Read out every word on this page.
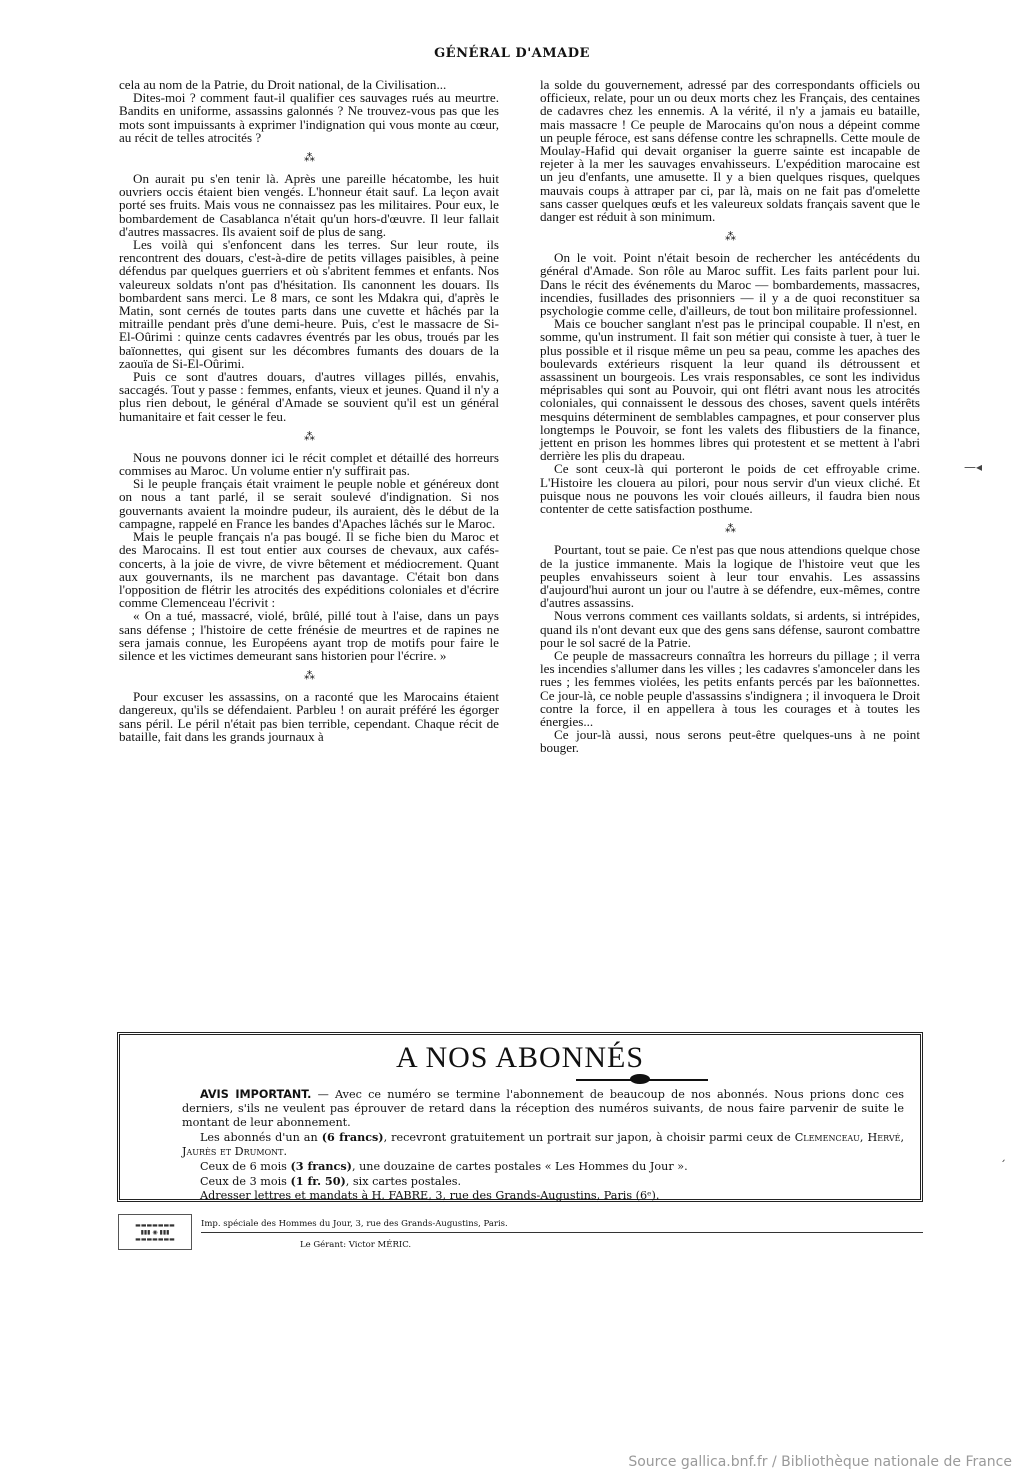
GÉNÉRAL D'AMADE

cela au nom de la Patrie, du Droit national, de la Civilisation...

Dites-moi ? comment faut-il qualifier ces sauvages rués au meurtre. Bandits en uniforme, assassins galonnés ? Ne trouvez-vous pas que les mots sont impuissants à exprimer l'indignation qui vous monte au cœur, au récit de telles atrocités ?

⁂

On aurait pu s'en tenir là. Après une pareille hécatombe, les huit ouvriers occis étaient bien vengés. L'honneur était sauf. La leçon avait porté ses fruits. Mais vous ne connaissez pas les militaires. Pour eux, le bombardement de Casablanca n'était qu'un hors-d'œuvre. Il leur fallait d'autres massacres. Ils avaient soif de plus de sang.

Les voilà qui s'enfoncent dans les terres. Sur leur route, ils rencontrent des douars, c'est-à-dire de petits villages paisibles, à peine défendus par quelques guerriers et où s'abritent femmes et enfants. Nos valeureux soldats n'ont pas d'hésitation. Ils canonnent les douars. Ils bombardent sans merci. Le 8 mars, ce sont les Mdakra qui, d'après le Matin, sont cernés de toutes parts dans une cuvette et hâchés par la mitraille pendant près d'une demi-heure. Puis, c'est le massacre de Si-El-Oûrimi : quinze cents cadavres éventrés par les obus, troués par les baïonnettes, qui gisent sur les décombres fumants des douars de la zaouïa de Si-El-Oûrimi.

Puis ce sont d'autres douars, d'autres villages pillés, envahis, saccagés. Tout y passe : femmes, enfants, vieux et jeunes. Quand il n'y a plus rien debout, le général d'Amade se souvient qu'il est un général humanitaire et fait cesser le feu.

⁂

Nous ne pouvons donner ici le récit complet et détaillé des horreurs commises au Maroc. Un volume entier n'y suffirait pas.

Si le peuple français était vraiment le peuple noble et généreux dont on nous a tant parlé, il se serait soulevé d'indignation. Si nos gouvernants avaient la moindre pudeur, ils auraient, dès le début de la campagne, rappelé en France les bandes d'Apaches lâchés sur le Maroc.

Mais le peuple français n'a pas bougé. Il se fiche bien du Maroc et des Marocains. Il est tout entier aux courses de chevaux, aux cafés-concerts, à la joie de vivre, de vivre bêtement et médiocrement. Quant aux gouvernants, ils ne marchent pas davantage. C'était bon dans l'opposition de flétrir les atrocités des expéditions coloniales et d'écrire comme Clemenceau l'écrivit :

« On a tué, massacré, violé, brûlé, pillé tout à l'aise, dans un pays sans défense ; l'histoire de cette frénésie de meurtres et de rapines ne sera jamais connue, les Européens ayant trop de motifs pour faire le silence et les victimes demeurant sans historien pour l'écrire. »

⁂

Pour excuser les assassins, on a raconté que les Marocains étaient dangereux, qu'ils se défendaient. Parbleu ! on aurait préféré les égorger sans péril. Le péril n'était pas bien terrible, cependant. Chaque récit de bataille, fait dans les grands journaux à

la solde du gouvernement, adressé par des correspondants officiels ou officieux, relate, pour un ou deux morts chez les Français, des centaines de cadavres chez les ennemis. A la vérité, il n'y a jamais eu bataille, mais massacre ! Ce peuple de Marocains qu'on nous a dépeint comme un peuple féroce, est sans défense contre les schrapnells. Cette moule de Moulay-Hafid qui devait organiser la guerre sainte est incapable de rejeter à la mer les sauvages envahisseurs. L'expédition marocaine est un jeu d'enfants, une amusette. Il y a bien quelques risques, quelques mauvais coups à attraper par ci, par là, mais on ne fait pas d'omelette sans casser quelques œufs et les valeureux soldats français savent que le danger est réduit à son minimum.

⁂

On le voit. Point n'était besoin de rechercher les antécédents du général d'Amade. Son rôle au Maroc suffit. Les faits parlent pour lui. Dans le récit des événements du Maroc — bombardements, massacres, incendies, fusillades des prisonniers — il y a de quoi reconstituer sa psychologie comme celle, d'ailleurs, de tout bon militaire professionnel.

Mais ce boucher sanglant n'est pas le principal coupable. Il n'est, en somme, qu'un instrument. Il fait son métier qui consiste à tuer, à tuer le plus possible et il risque même un peu sa peau, comme les apaches des boulevards extérieurs risquent la leur quand ils détroussent et assassinent un bourgeois. Les vrais responsables, ce sont les individus méprisables qui sont au Pouvoir, qui ont flétri avant nous les atrocités coloniales, qui connaissent le dessous des choses, savent quels intérêts mesquins déterminent de semblables campagnes, et pour conserver plus longtemps le Pouvoir, se font les valets des flibustiers de la finance, jettent en prison les hommes libres qui protestent et se mettent à l'abri derrière les plis du drapeau.

Ce sont ceux-là qui porteront le poids de cet effroyable crime. L'Histoire les clouera au pilori, pour nous servir d'un vieux cliché. Et puisque nous ne pouvons les voir cloués ailleurs, il faudra bien nous contenter de cette satisfaction posthume.

⁂

Pourtant, tout se paie. Ce n'est pas que nous attendions quelque chose de la justice immanente. Mais la logique de l'histoire veut que les peuples envahisseurs soient à leur tour envahis. Les assassins d'aujourd'hui auront un jour ou l'autre à se défendre, eux-mêmes, contre d'autres assassins.

Nous verrons comment ces vaillants soldats, si ardents, si intrépides, quand ils n'ont devant eux que des gens sans défense, sauront combattre pour le sol sacré de la Patrie.

Ce peuple de massacreurs connaîtra les horreurs du pillage ; il verra les incendies s'allumer dans les villes ; les cadavres s'amonceler dans les rues ; les femmes violées, les petits enfants percés par les baïonnettes. Ce jour-là, ce noble peuple d'assassins s'indignera ; il invoquera le Droit contre la force, il en appellera à tous les courages et à toutes les énergies...

Ce jour-là aussi, nous serons peut-être quelques-uns à ne point bouger.

—◂
ˏ
A NOS ABONNÉS

AVIS IMPORTANT. — Avec ce numéro se termine l'abonnement de beaucoup de nos abonnés. Nous prions donc ces derniers, s'ils ne veulent pas éprouver de retard dans la réception des numéros suivants, de nous faire parvenir de suite le montant de leur abonnement.

Les abonnés d'un an (6 francs), recevront gratuitement un portrait sur japon, à choisir parmi ceux de Clemenceau, Hervé, Jaurès et Drumont.

Ceux de 6 mois (3 francs), une douzaine de cartes postales « Les Hommes du Jour ».

Ceux de 3 mois (1 fr. 50), six cartes postales.

Adresser lettres et mandats à H. FABRE, 3, rue des Grands-Augustins, Paris (6ᵉ).

▬▬▬▬▬▬▬
▮▮▮ ◉ ▮▮▮
▬▬▬▬▬▬▬
Imp. spéciale des Hommes du Jour, 3, rue des Grands-Augustins, Paris.
Le Gérant: Victor MÉRIC.
Source gallica.bnf.fr / Bibliothèque nationale de France
